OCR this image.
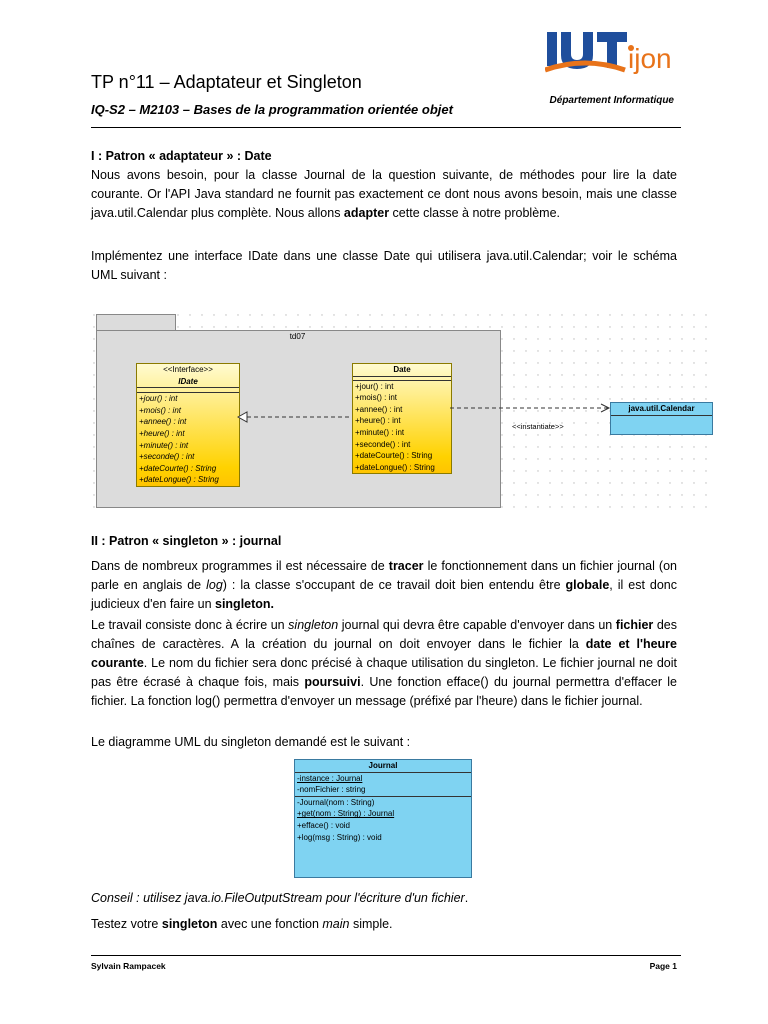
TP n°11 – Adaptateur et Singleton
IQ-S2 – M2103 – Bases de la programmation orientée objet
ijon
Département Informatique
I : Patron « adaptateur » : Date
Nous avons besoin, pour la classe Journal de la question suivante, de méthodes pour lire la date courante. Or l'API Java standard ne fournit pas exactement ce dont nous avons besoin, mais une classe java.util.Calendar plus complète. Nous allons adapter cette classe à notre problème.
Implémentez une interface IDate dans une classe Date qui utilisera java.util.Calendar; voir le schéma UML suivant :
td07
<<Interface>>
IDate
+jour() : int
+mois() : int
+annee() : int
+heure() : int
+minute() : int
+seconde() : int
+dateCourte() : String
+dateLongue() : String
Date
+jour() : int
+mois() : int
+annee() : int
+heure() : int
+minute() : int
+seconde() : int
+dateCourte() : String
+dateLongue() : String
java.util.Calendar
<<instantiate>>
II : Patron « singleton » : journal
Dans de nombreux programmes il est nécessaire de tracer le fonctionnement dans un fichier journal (on parle en anglais de log) : la classe s'occupant de ce travail doit bien entendu être globale, il est donc judicieux d'en faire un singleton.
Le travail consiste donc à écrire un singleton journal qui devra être capable d'envoyer dans un fichier des chaînes de caractères. A la création du journal on doit envoyer dans le fichier la date et l'heure courante. Le nom du fichier sera donc précisé à chaque utilisation du singleton. Le fichier journal ne doit pas être écrasé à chaque fois, mais poursuivi. Une fonction efface() du journal permettra d'effacer le fichier. La fonction log() permettra d'envoyer un message (préfixé par l'heure) dans le fichier journal.
Le diagramme UML du singleton demandé est le suivant :
Journal
-instance : Journal
-nomFichier : string
-Journal(nom : String)
+get(nom : String) : Journal
+efface() : void
+log(msg : String) : void
Conseil : utilisez java.io.FileOutputStream pour l'écriture d'un fichier.
Testez votre singleton avec une fonction main simple.
Sylvain Rampacek	Page 1
